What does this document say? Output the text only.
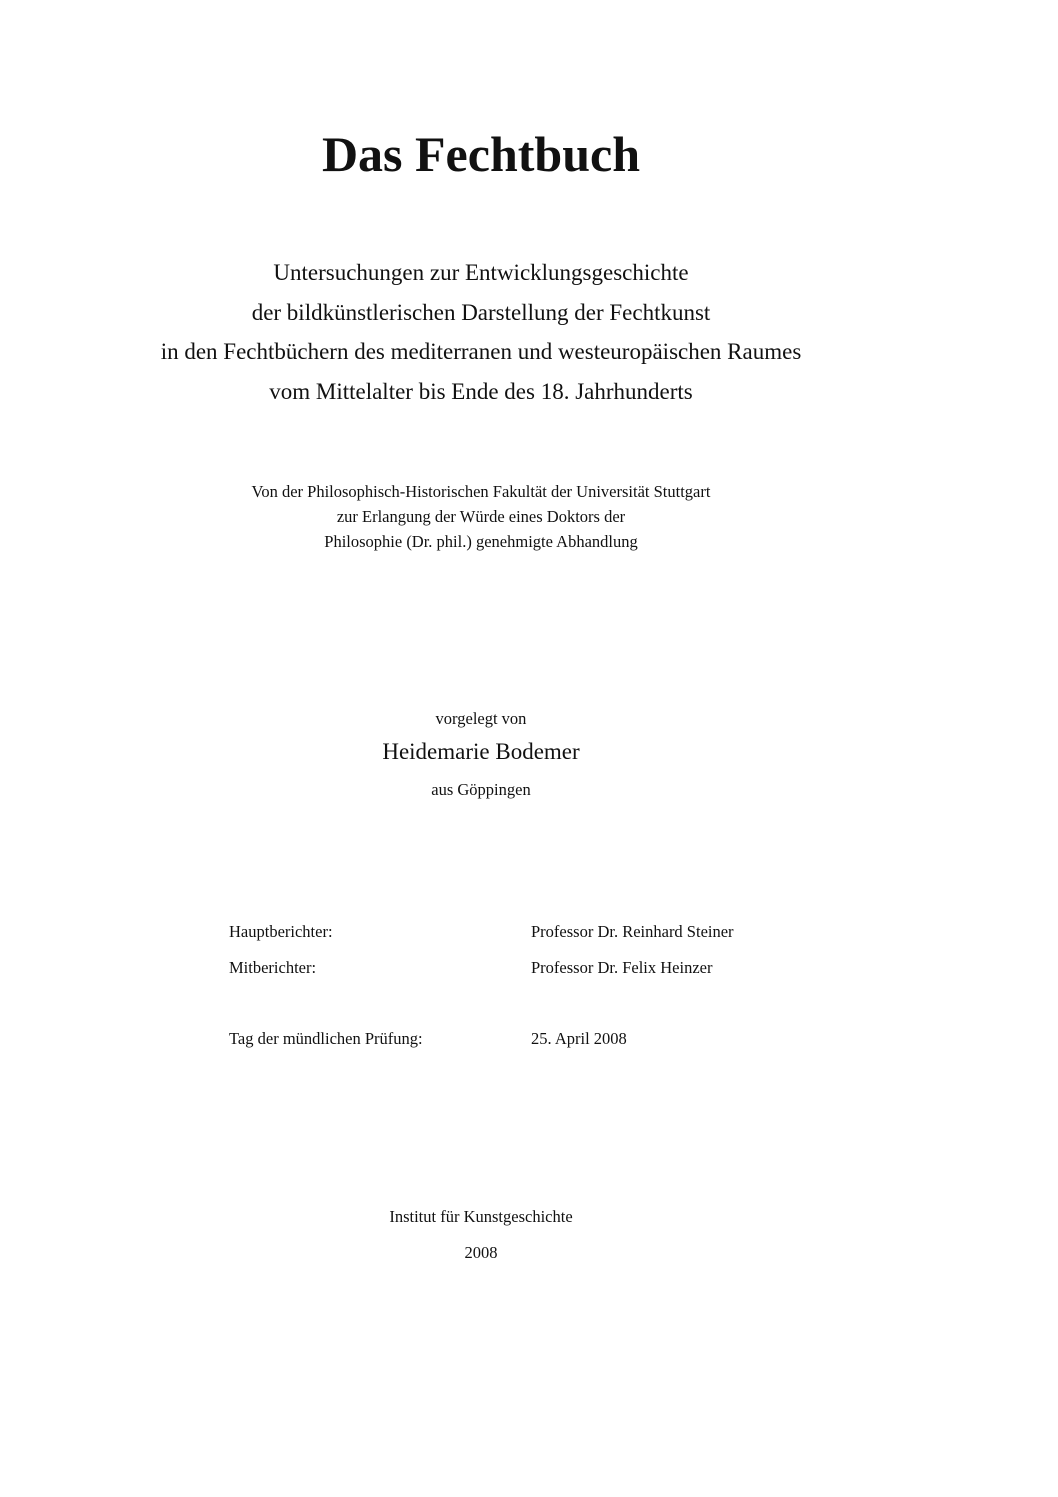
Das Fechtbuch
Untersuchungen zur Entwicklungsgeschichte
der bildkünstlerischen Darstellung der Fechtkunst
in den Fechtbüchern des mediterranen und westeuropäischen Raumes
vom Mittelalter bis Ende des 18. Jahrhunderts
Von der Philosophisch-Historischen Fakultät der Universität Stuttgart
zur Erlangung der Würde eines Doktors der
Philosophie (Dr. phil.) genehmigte Abhandlung
vorgelegt von
Heidemarie Bodemer
aus Göppingen
Hauptberichter:	Professor Dr. Reinhard Steiner
Mitberichter:	Professor Dr. Felix Heinzer
Tag der mündlichen Prüfung:	25. April 2008
Institut für Kunstgeschichte
2008
